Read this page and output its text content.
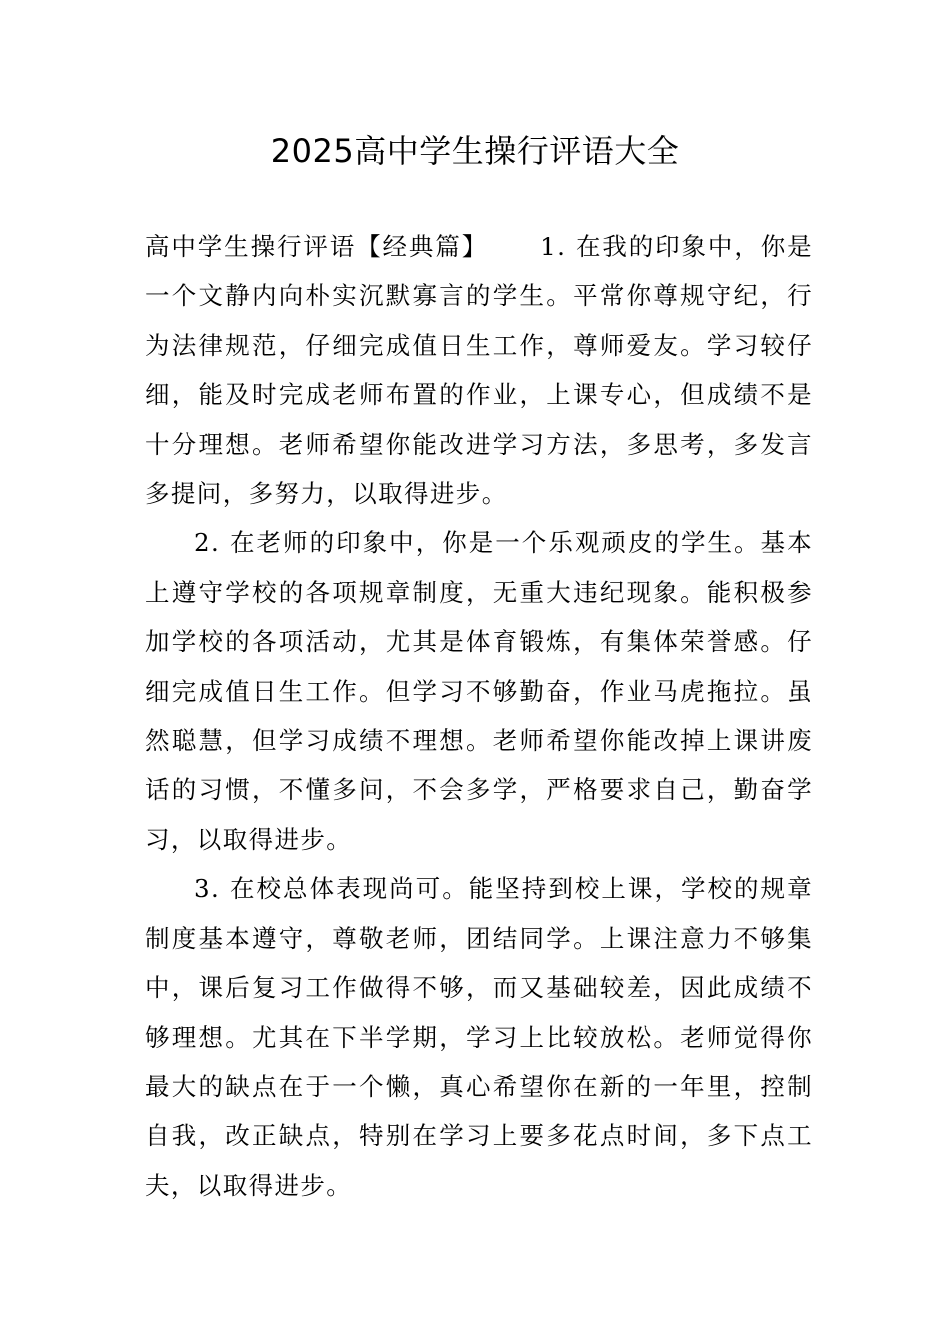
2025高中学生操行评语大全

高中学生操行评语【经典篇】 1. 在我的印象中，你是一个文静内向朴实沉默寡言的学生。平常你尊规守纪，行为法律规范，仔细完成值日生工作，尊师爱友。学习较仔细，能及时完成老师布置的作业，上课专心，但成绩不是十分理想。老师希望你能改进学习方法，多思考，多发言多提问，多努力，以取得进步。

2. 在老师的印象中，你是一个乐观顽皮的学生。基本上遵守学校的各项规章制度，无重大违纪现象。能积极参加学校的各项活动，尤其是体育锻炼，有集体荣誉感。仔细完成值日生工作。但学习不够勤奋，作业马虎拖拉。虽然聪慧，但学习成绩不理想。老师希望你能改掉上课讲废话的习惯，不懂多问，不会多学，严格要求自己，勤奋学习，以取得进步。

3. 在校总体表现尚可。能坚持到校上课，学校的规章制度基本遵守，尊敬老师，团结同学。上课注意力不够集中，课后复习工作做得不够，而又基础较差，因此成绩不够理想。尤其在下半学期，学习上比较放松。老师觉得你最大的缺点在于一个懒，真心希望你在新的一年里，控制自我，改正缺点，特别在学习上要多花点时间，多下点工夫，以取得进步。
